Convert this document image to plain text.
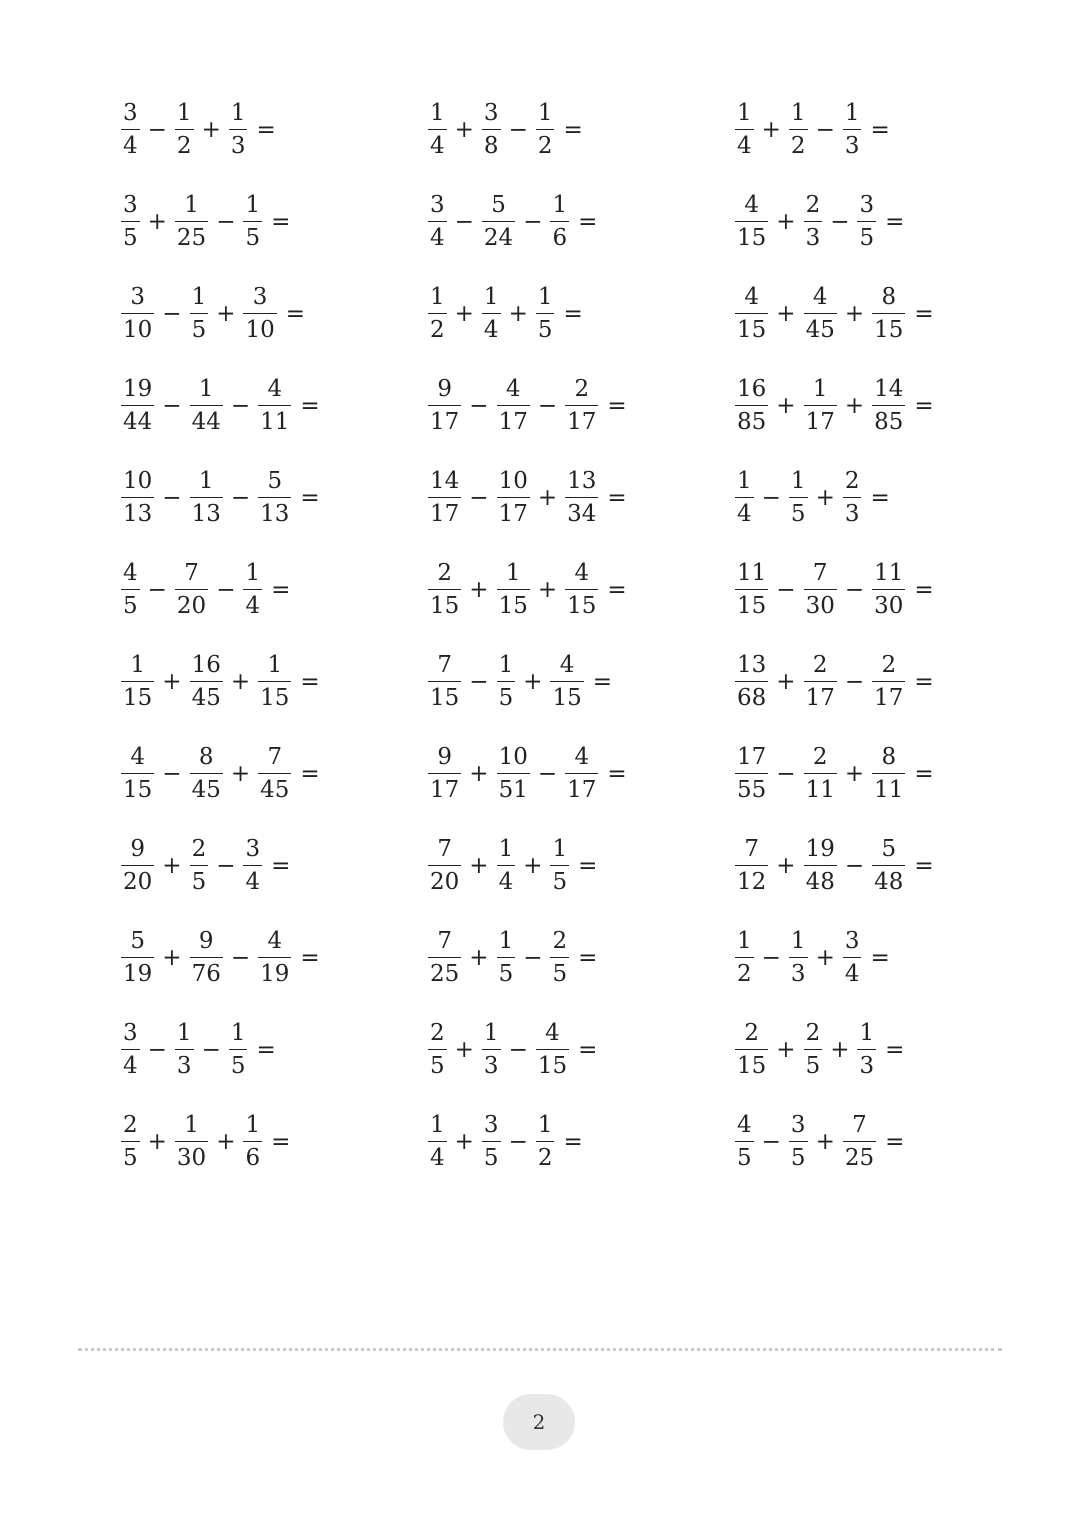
$\frac{3}{4} - \frac{1}{2} + \frac{1}{3}$ =	$\frac{1}{4} + \frac{3}{8} - \frac{1}{2}$ =	$\frac{1}{4} + \frac{1}{2} - \frac{1}{3}$ =
$\frac{3}{5} + \frac{1}{25} - \frac{1}{5}$ =	$\frac{3}{4} - \frac{5}{24} - \frac{1}{6}$ =	$\frac{4}{15} + \frac{2}{3} - \frac{3}{5}$ =
$\frac{3}{10} - \frac{1}{5} + \frac{3}{10}$ =	$\frac{1}{2} + \frac{1}{4} + \frac{1}{5}$ =	$\frac{4}{15} + \frac{4}{45} + \frac{8}{15}$ =
$\frac{19}{44} - \frac{1}{44} - \frac{4}{11}$ =	$\frac{9}{17} - \frac{4}{17} - \frac{2}{17}$ =	$\frac{16}{85} + \frac{1}{17} + \frac{14}{85}$ =
$\frac{10}{13} - \frac{1}{13} - \frac{5}{13}$ =	$\frac{14}{17} - \frac{10}{17} + \frac{13}{34}$ =	$\frac{1}{4} - \frac{1}{5} + \frac{2}{3}$ =
$\frac{4}{5} - \frac{7}{20} - \frac{1}{4}$ =	$\frac{2}{15} + \frac{1}{15} + \frac{4}{15}$ =	$\frac{11}{15} - \frac{7}{30} - \frac{11}{30}$ =
$\frac{1}{15} + \frac{16}{45} + \frac{1}{15}$ =	$\frac{7}{15} - \frac{1}{5} + \frac{4}{15}$ =	$\frac{13}{68} + \frac{2}{17} - \frac{2}{17}$ =
$\frac{4}{15} - \frac{8}{45} + \frac{7}{45}$ =	$\frac{9}{17} + \frac{10}{51} - \frac{4}{17}$ =	$\frac{17}{55} - \frac{2}{11} + \frac{8}{11}$ =
$\frac{9}{20} + \frac{2}{5} - \frac{3}{4}$ =	$\frac{7}{20} + \frac{1}{4} + \frac{1}{5}$ =	$\frac{7}{12} + \frac{19}{48} - \frac{5}{48}$ =
$\frac{5}{19} + \frac{9}{76} - \frac{4}{19}$ =	$\frac{7}{25} + \frac{1}{5} - \frac{2}{5}$ =	$\frac{1}{2} - \frac{1}{3} + \frac{3}{4}$ =
$\frac{3}{4} - \frac{1}{3} - \frac{1}{5}$ =	$\frac{2}{5} + \frac{1}{3} - \frac{4}{15}$ =	$\frac{2}{15} + \frac{2}{5} + \frac{1}{3}$ =
$\frac{2}{5} + \frac{1}{30} + \frac{1}{6}$ =	$\frac{1}{4} + \frac{3}{5} - \frac{1}{2}$ =	$\frac{4}{5} - \frac{3}{5} + \frac{7}{25}$ =
2
